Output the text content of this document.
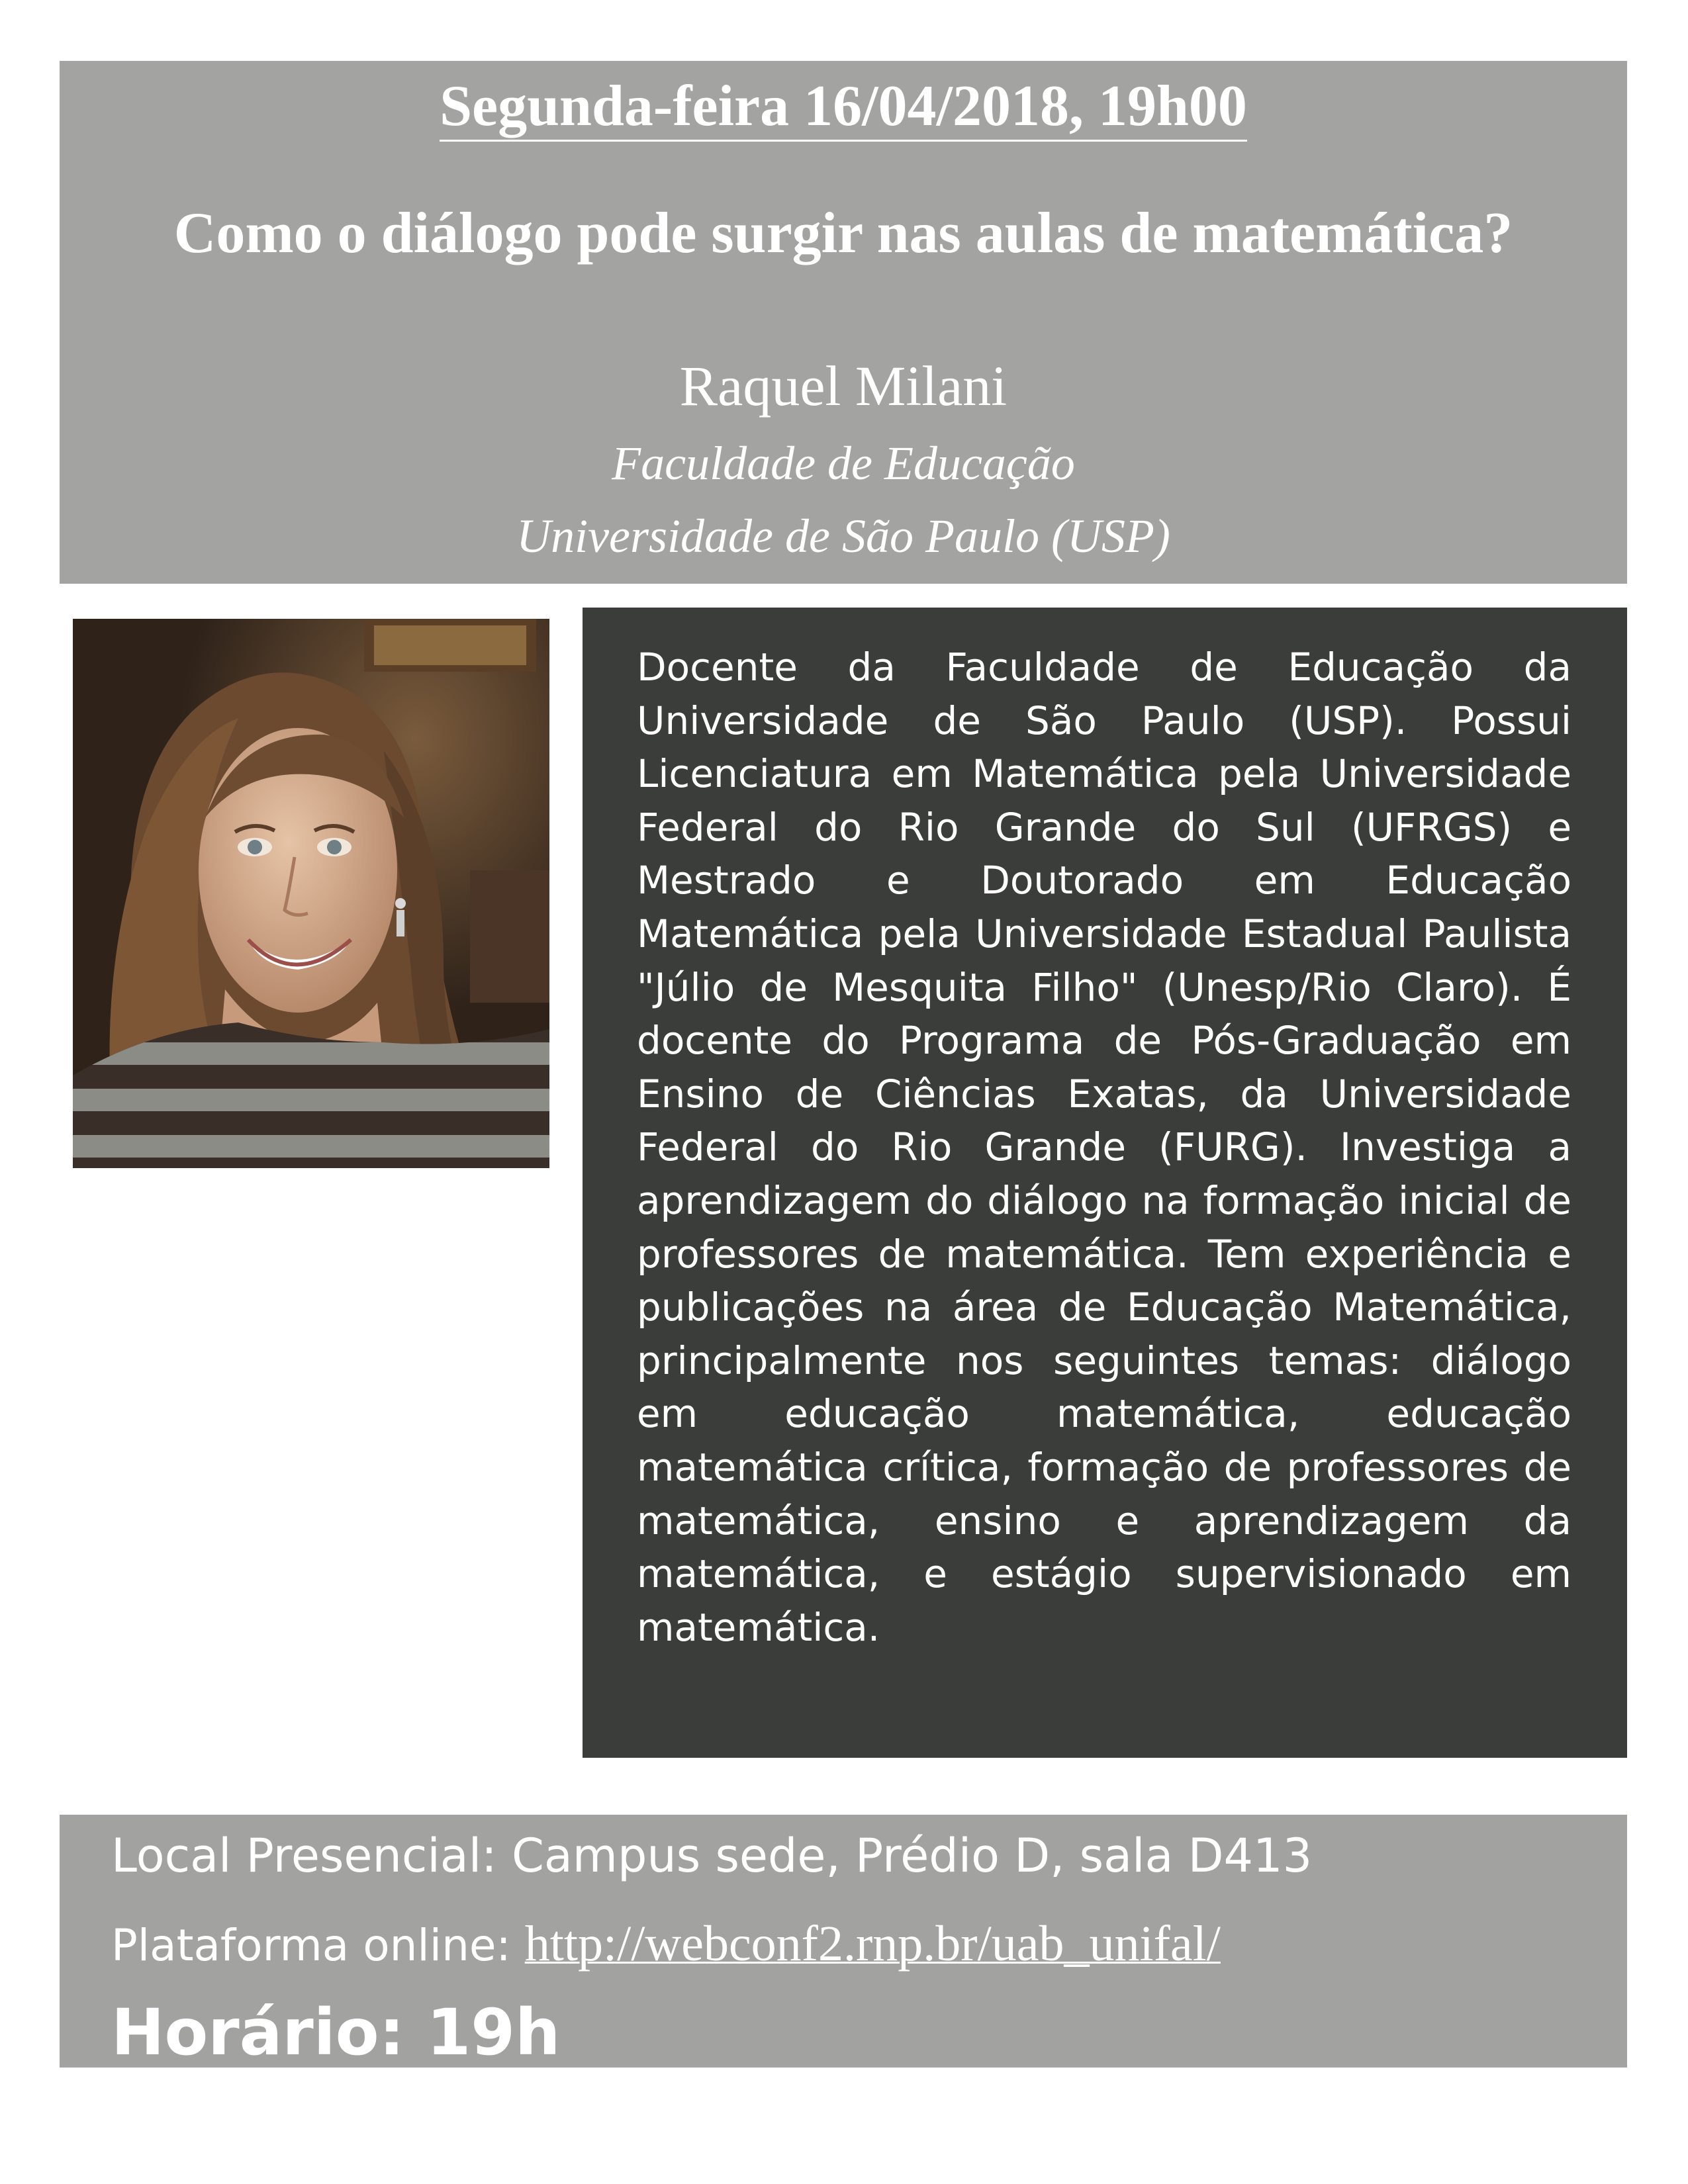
Segunda-feira 16/04/2018, 19h00
Como o diálogo pode surgir nas aulas de matemática?
Raquel Milani
Faculdade de Educação
Universidade de São Paulo (USP)

Docente da Faculdade de Educação da Universidade de São Paulo (USP). Possui Licenciatura em Matemática pela Universidade Federal do Rio Grande do Sul (UFRGS) e Mestrado e Doutorado em Educação Matemática pela Universidade Estadual Paulista "Júlio de Mesquita Filho" (Unesp/Rio Claro). É docente do Programa de Pós-Graduação em Ensino de Ciências Exatas, da Universidade Federal do Rio Grande (FURG). Investiga a aprendizagem do diálogo na formação inicial de professores de matemática. Tem experiência e publicações na área de Educação Matemática, principalmente nos seguintes temas: diálogo em educação matemática, educação matemática crítica, formação de professores de matemática, ensino e aprendizagem da matemática, e estágio supervisionado em matemática.

Local Presencial: Campus sede, Prédio D, sala D413
Plataforma online: http://webconf2.rnp.br/uab_unifal/
Horário: 19h
